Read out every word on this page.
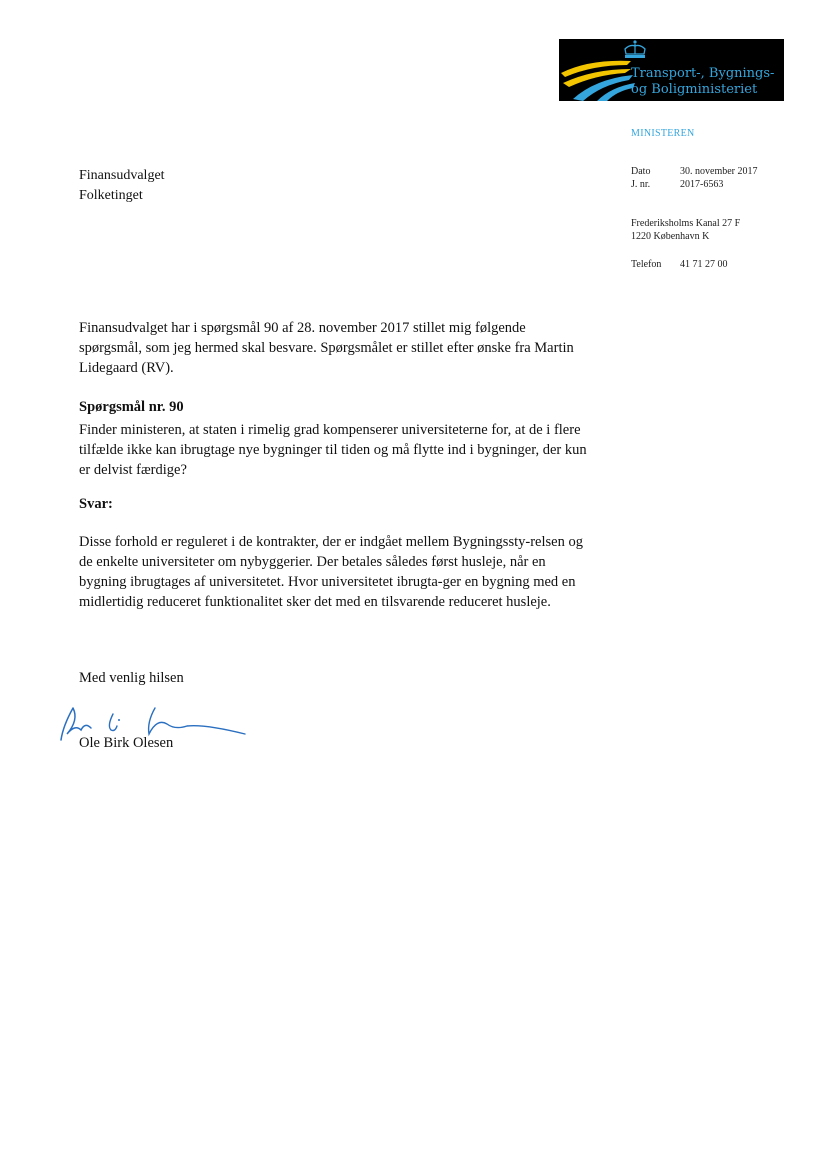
Transport-, Bygnings-
og Boligministeriet
MINISTEREN
Dato	30. november 2017
J. nr.	2017-6563
Frederiksholms Kanal 27 F
1220 København K
Telefon	41 71 27 00
Finansudvalget
Folketinget

Finansudvalget har i spørgsmål 90 af 28. november 2017 stillet mig følgende spørgsmål, som jeg hermed skal besvare. Spørgsmålet er stillet efter ønske fra Martin Lidegaard (RV).

Spørgsmål nr. 90

Finder ministeren, at staten i rimelig grad kompenserer universiteterne for, at de i flere tilfælde ikke kan ibrugtage nye bygninger til tiden og må flytte ind i bygninger, der kun er delvist færdige?

Svar:

Disse forhold er reguleret i de kontrakter, der er indgået mellem Bygningssty-relsen og de enkelte universiteter om nybyggerier. Der betales således først husleje, når en bygning ibrugtages af universitetet. Hvor universitetet ibrugta-ger en bygning med en midlertidig reduceret funktionalitet sker det med en tilsvarende reduceret husleje.

Med venlig hilsen
Ole Birk Olesen
